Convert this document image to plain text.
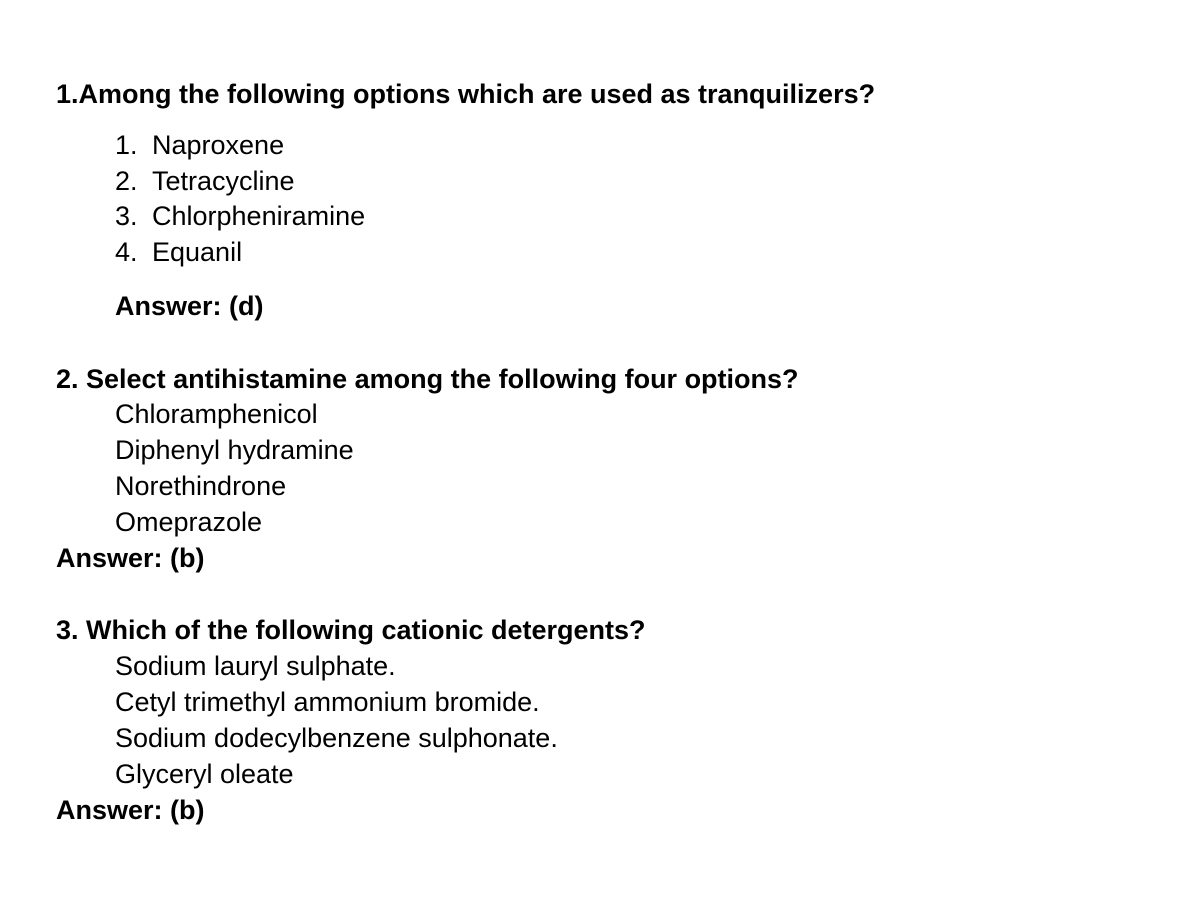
1.Among the following options which are used as tranquilizers?
1. Naproxene
2. Tetracycline
3. Chlorpheniramine
4. Equanil
Answer: (d)
2. Select antihistamine among the following four options?
Chloramphenicol
Diphenyl hydramine
Norethindrone
Omeprazole
Answer: (b)
3. Which of the following cationic detergents?
Sodium lauryl sulphate.
Cetyl trimethyl ammonium bromide.
Sodium dodecylbenzene sulphonate.
Glyceryl oleate
Answer: (b)
